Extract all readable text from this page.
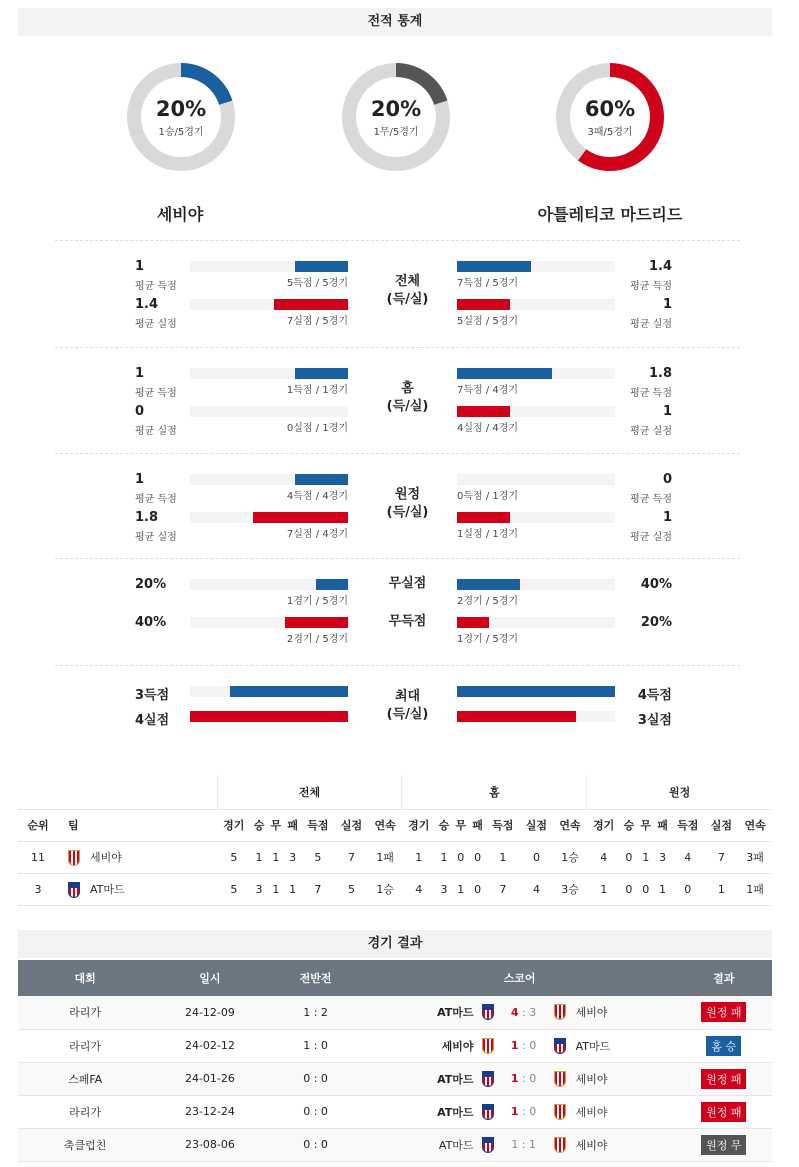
전적 통계
20%
1승/5경기
20%
1무/5경기
60%
3패/5경기
세비야	아틀레티코 마드리드
전체
(득/실)
1
평균 득점
1.4
평균 득점
5득점 / 5경기	7득점 / 5경기
1.4
평균 실점
1
평균 실점
7실점 / 5경기	5실점 / 5경기
홈
(득/실)
1
평균 득점
1.8
평균 득점
1득점 / 1경기	7득점 / 4경기
0
평균 실점
1
평균 실점
0실점 / 1경기	4실점 / 4경기
원정
(득/실)
1
평균 득점
0
평균 득점
4득점 / 4경기	0득점 / 1경기
1.8
평균 실점
1
평균 실점
7실점 / 4경기	1실점 / 1경기
20%	40%
1경기 / 5경기	2경기 / 5경기
무실점
40%	20%
2경기 / 5경기	1경기 / 5경기
무득점
최대
(득/실)
3득점	4득점
4실점	3실점
		전체							홈							원정						
순위	팀	경기	승	무	패	득점	실점	연속	경기	승	무	패	득점	실점	연속	경기	승	무	패	득점	실점	연속
11	세비야	5	1	1	3	5	7	1패	1	1	0	0	1	0	1승	4	0	1	3	4	7	3패
3	AT마드	5	3	1	1	7	5	1승	4	3	1	0	7	4	3승	1	0	0	1	0	1	1패
경기 결과
대회	일시	전반전	스코어	결과
라리가	24-12-09	1 : 2	AT마드 4 : 3 세비야	원정 패
라리가	24-02-12	1 : 0	세비야 1 : 0 AT마드	홈 승
스페FA	24-01-26	0 : 0	AT마드 1 : 0 세비야	원정 패
라리가	23-12-24	0 : 0	AT마드 1 : 0 세비야	원정 패
축클럽친	23-08-06	0 : 0	AT마드 1 : 1 세비야	원정 무
